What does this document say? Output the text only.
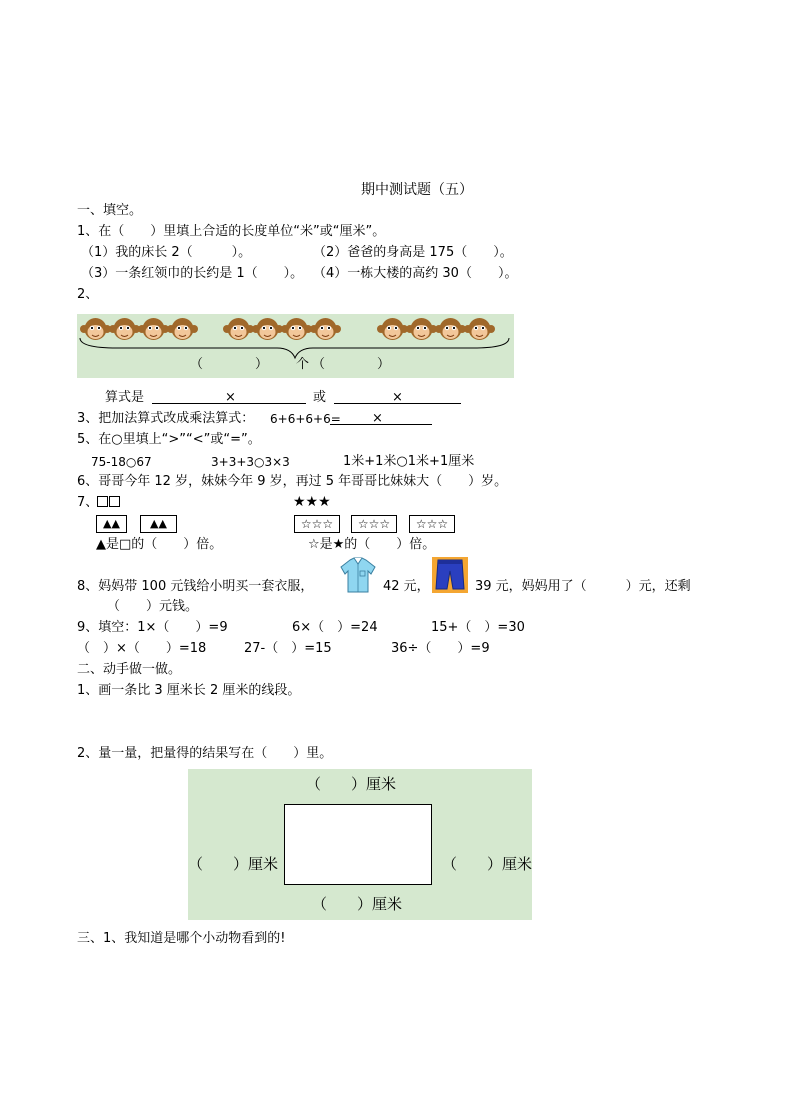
期中测试题（五）
一、填空。
1、在（　　）里填上合适的长度单位“米”或“厘米”。
（1）我的床长 2（　　　）。	（2）爸爸的身高是 175（　　）。
（3）一条红领巾的长约是 1（　　）。 （4）一栋大楼的高约 30（　　）。
2、
（　　　　） 个 （　　　　）
算式是	×	或	×
3、把加法算式改成乘法算式： 6+6+6+6= ×
5、在○里填上“>”“<”或“=”。
75-18○67	3+3+3○3×3	1米+1米○1米+1厘米
6、哥哥今年 12 岁，妹妹今年 9 岁，再过 5 年哥哥比妹妹大（　　）岁。
7、	★★★
▲▲	▲▲	☆☆☆	☆☆☆	☆☆☆
▲是□的（　　）倍。	☆是★的（　　）倍。
8、妈妈带 100 元钱给小明买一套衣服，	42 元，	39 元，妈妈用了（　　　）元，还剩
（　　）元钱。
9、填空：1×（　　）=9	6×（　）=24	15+（　）=30
（　）×（　　）=18	27-（　）=15	36÷（　　）=9
二、动手做一做。
1、画一条比 3 厘米长 2 厘米的线段。
2、量一量，把量得的结果写在（　　）里。
（　　）厘米
（　　）厘米	（　　）厘米
（　　）厘米
三、1、我知道是哪个小动物看到的!
